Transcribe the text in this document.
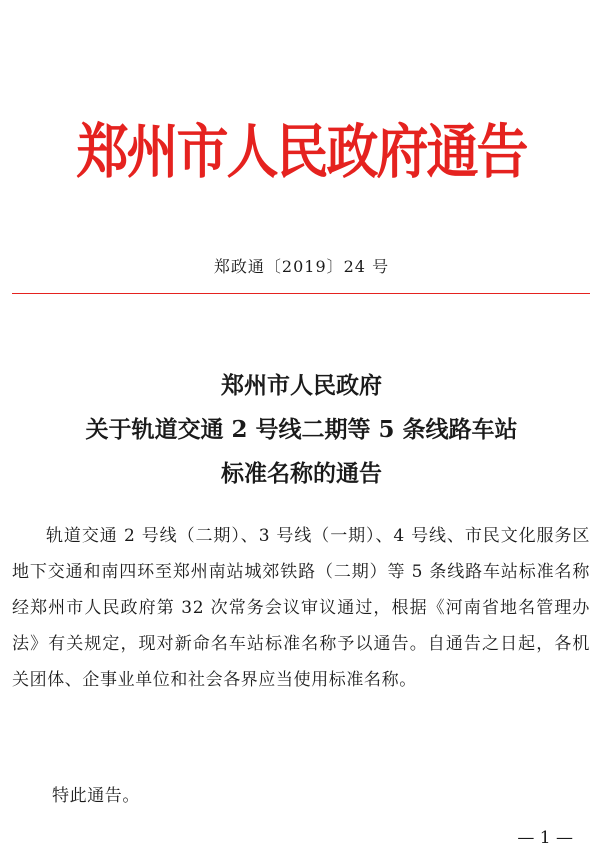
郑州市人民政府通告
郑政通〔2019〕24 号
郑州市人民政府
关于轨道交通 2 号线二期等 5 条线路车站
标准名称的通告

轨道交通 2 号线（二期）、3 号线（一期）、4 号线、市民文化服务区地下交通和南四环至郑州南站城郊铁路（二期）等 5 条线路车站标准名称经郑州市人民政府第 32 次常务会议审议通过，根据《河南省地名管理办法》有关规定，现对新命名车站标准名称予以通告。自通告之日起，各机关团体、企事业单位和社会各界应当使用标准名称。

特此通告。
— 1 —
